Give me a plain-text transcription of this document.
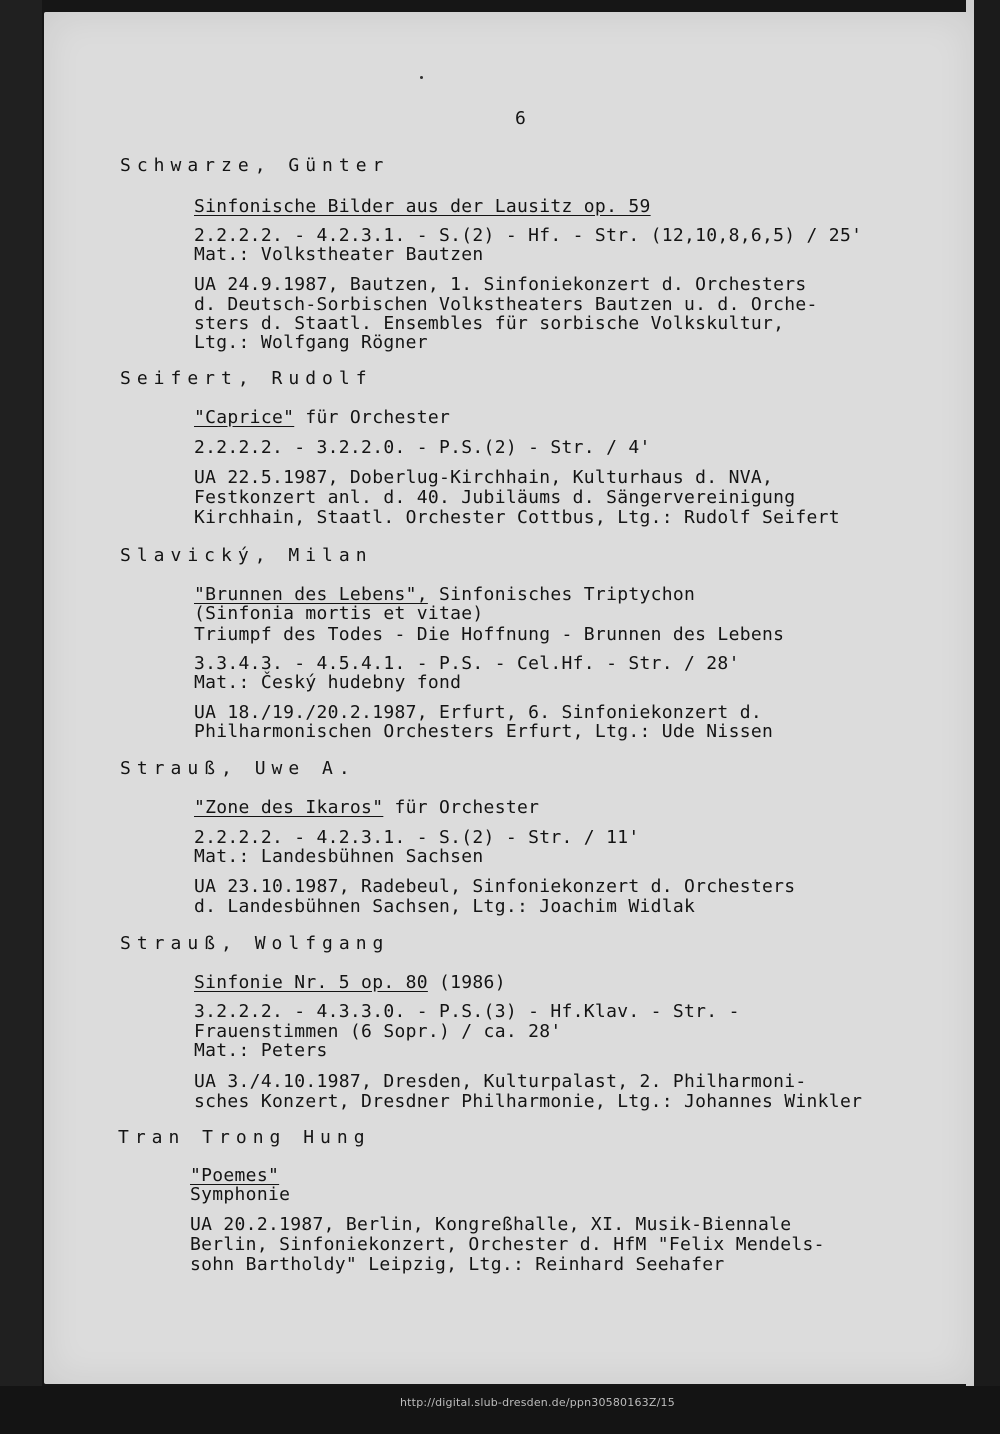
6
Schwarze, Günter
Sinfonische Bilder aus der Lausitz op. 59
2.2.2.2. - 4.2.3.1. - S.(2) - Hf. - Str. (12,10,8,6,5) / 25'
Mat.: Volkstheater Bautzen
UA 24.9.1987, Bautzen, 1. Sinfoniekonzert d. Orchesters
d. Deutsch-Sorbischen Volkstheaters Bautzen u. d. Orche-
sters d. Staatl. Ensembles für sorbische Volkskultur,
Ltg.: Wolfgang Rögner
Seifert, Rudolf
"Caprice" für Orchester
2.2.2.2. - 3.2.2.0. - P.S.(2) - Str. / 4'
UA 22.5.1987, Doberlug-Kirchhain, Kulturhaus d. NVA,
Festkonzert anl. d. 40. Jubiläums d. Sängervereinigung
Kirchhain, Staatl. Orchester Cottbus, Ltg.: Rudolf Seifert
Slavický, Milan
"Brunnen des Lebens", Sinfonisches Triptychon
(Sinfonia mortis et vitae)
Triumpf des Todes - Die Hoffnung - Brunnen des Lebens
3.3.4.3. - 4.5.4.1. - P.S. - Cel.Hf. - Str. / 28'
Mat.: Český hudebny fond
UA 18./19./20.2.1987, Erfurt, 6. Sinfoniekonzert d.
Philharmonischen Orchesters Erfurt, Ltg.: Ude Nissen
Strauß, Uwe A.
"Zone des Ikaros" für Orchester
2.2.2.2. - 4.2.3.1. - S.(2) - Str. / 11'
Mat.: Landesbühnen Sachsen
UA 23.10.1987, Radebeul, Sinfoniekonzert d. Orchesters
d. Landesbühnen Sachsen, Ltg.: Joachim Widlak
Strauß, Wolfgang
Sinfonie Nr. 5 op. 80 (1986)
3.2.2.2. - 4.3.3.0. - P.S.(3) - Hf.Klav. - Str. -
Frauenstimmen (6 Sopr.) / ca. 28'
Mat.: Peters
UA 3./4.10.1987, Dresden, Kulturpalast, 2. Philharmoni-
sches Konzert, Dresdner Philharmonie, Ltg.: Johannes Winkler
Tran Trong Hung
"Poemes"
Symphonie
UA 20.2.1987, Berlin, Kongreßhalle, XI. Musik-Biennale
Berlin, Sinfoniekonzert, Orchester d. HfM "Felix Mendels-
sohn Bartholdy" Leipzig, Ltg.: Reinhard Seehafer
http://digital.slub-dresden.de/ppn30580163Z/15
